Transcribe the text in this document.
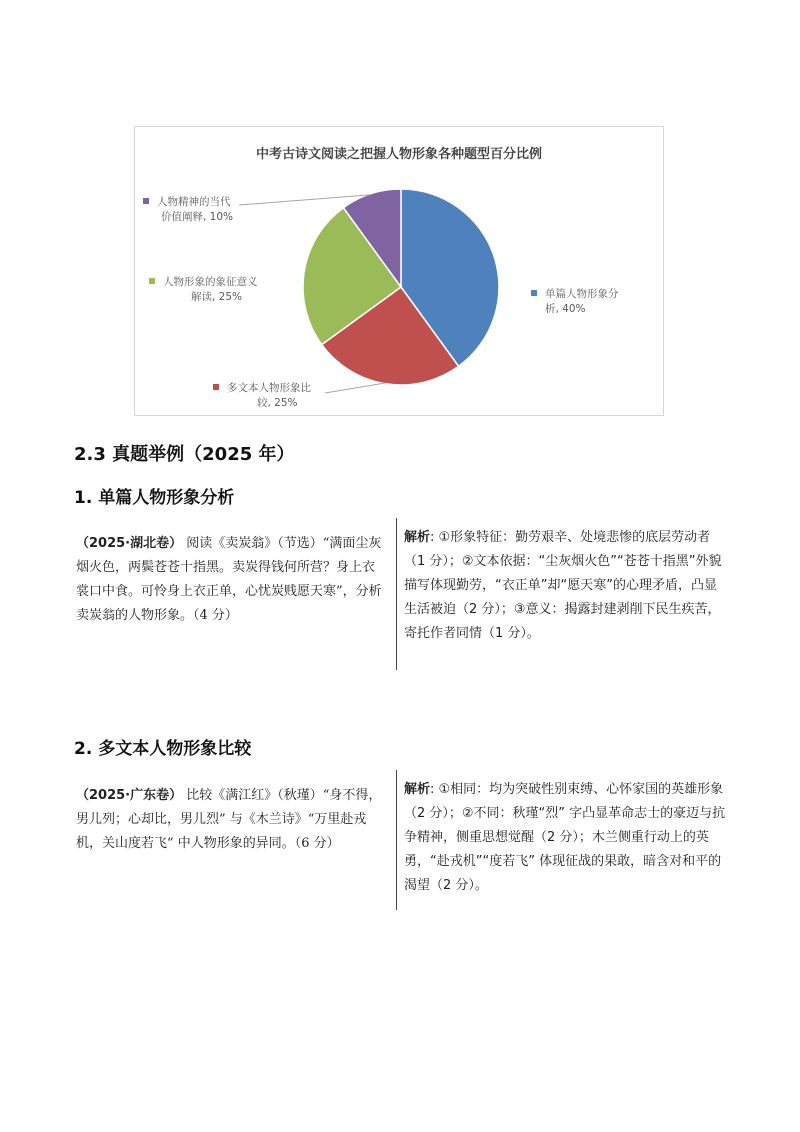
中考古诗文阅读之把握人物形象各种题型百分比例
单篇人物形象分
析, 40%
多文本人物形象比
较, 25%
人物形象的象征意义
解读, 25%
人物精神的当代
价值阐释, 10%
2.3 真题举例（2025 年）
1. 单篇人物形象分析
（2025·湖北卷） 阅读《卖炭翁》（节选）“满面尘灰烟火色，两鬓苍苍十指黑。卖炭得钱何所营？身上衣裳口中食。可怜身上衣正单，心忧炭贱愿天寒”，分析卖炭翁的人物形象。（4 分）
解析: ①形象特征：勤劳艰辛、处境悲惨的底层劳动者（1 分）；②文本依据：“尘灰烟火色”“苍苍十指黑”外貌描写体现勤劳，“衣正单”却“愿天寒”的心理矛盾，凸显生活被迫（2 分）；③意义：揭露封建剥削下民生疾苦，寄托作者同情（1 分）。
2. 多文本人物形象比较
（2025·广东卷） 比较《满江红》（秋瑾）“身不得，男儿列；心却比，男儿烈” 与《木兰诗》“万里赴戎机，关山度若飞” 中人物形象的异同。（6 分）
解析: ①相同：均为突破性别束缚、心怀家国的英雄形象（2 分）；②不同：秋瑾“烈” 字凸显革命志士的豪迈与抗争精神，侧重思想觉醒（2 分）；木兰侧重行动上的英勇，“赴戎机”“度若飞” 体现征战的果敢，暗含对和平的渴望（2 分）。
